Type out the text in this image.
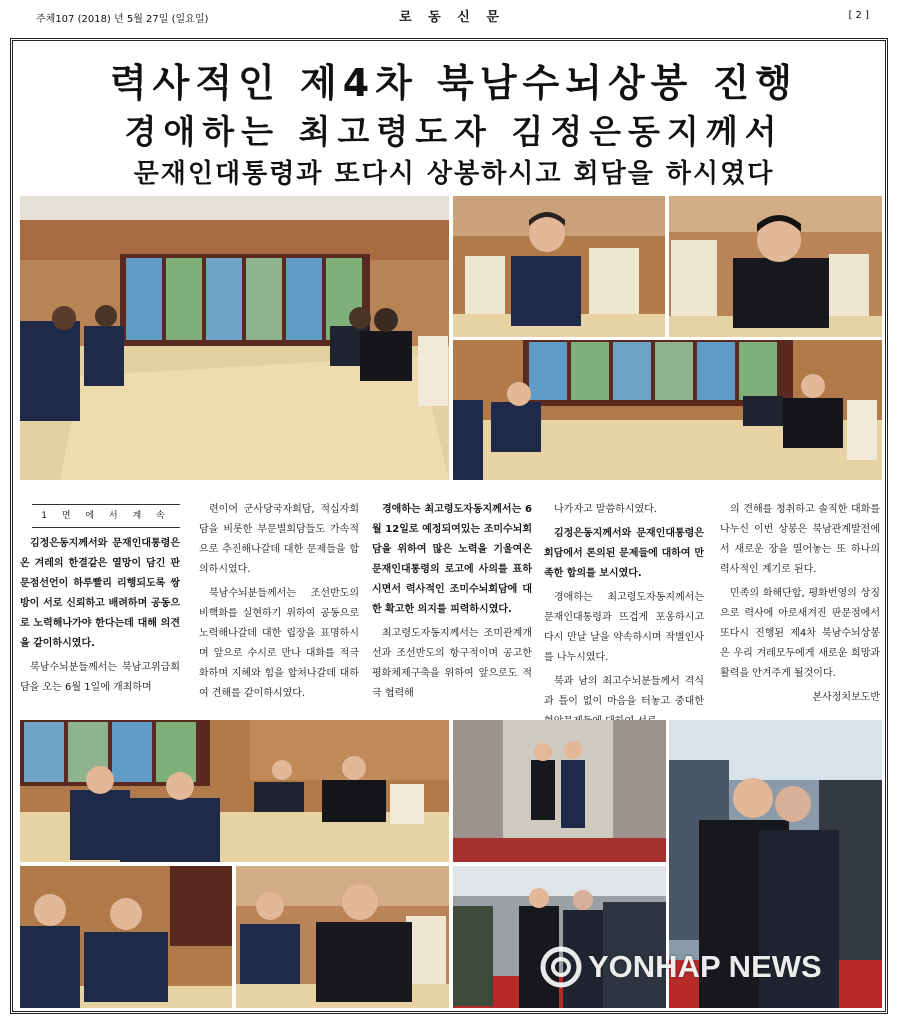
주체107 (2018) 년 5월 27일 (일요일)	로 동 신 문	[ 2 ]
력사적인 제4차 북남수뇌상봉 진행
경애하는 최고령도자 김정은동지께서
문재인대통령과 또다시 상봉하시고 회담을 하시였다
1 면 에 서 계 속

김정은동지께서와 문재인대통령은 온 겨레의 한결같은 열망이 담긴 판문점선언이 하루빨리 리행되도록 쌍방이 서로 신뢰하고 배려하며 공동으로 노력해나가야 한다는데 대해 의견을 같이하시였다.

북남수뇌분들께서는 북남고위급회담을 오는 6월 1일에 개최하며

련이어 군사당국자회담, 적십자회담을 비롯한 부문별회담들도 가속적으로 추진해나갈데 대한 문제들을 합의하시였다.

북남수뇌분들께서는 조선반도의 비핵화를 실현하기 위하여 공동으로 노력해나갈데 대한 립장을 표명하시며 앞으로 수시로 만나 대화를 적극화하며 지혜와 힘을 합쳐나갈데 대하여 견해를 같이하시였다.

경애하는 최고령도자동지께서는 6월 12일로 예정되여있는 조미수뇌회담을 위하여 많은 노력을 기울여온 문재인대통령의 로고에 사의를 표하시면서 력사적인 조미수뇌회담에 대한 확고한 의지를 피력하시였다.

최고령도자동지께서는 조미관계개선과 조선반도의 항구적이며 공고한 평화체제구축을 위하여 앞으로도 적극 협력해

나가자고 말씀하시였다.

김정은동지께서와 문재인대통령은 회담에서 론의된 문제들에 대하여 만족한 합의를 보시였다.

경애하는 최고령도자동지께서는 문재인대통령과 뜨겁게 포옹하시고 다시 만날 날을 약속하시며 작별인사를 나누시였다.

북과 남의 최고수뇌분들께서 격식과 틀이 없이 마음을 터놓고 중대한

의 견해를 청취하고 솔직한 대화를 나누신 이번 상봉은 북남관계발전에서 새로운 장을 열어놓는 또 하나의 력사적인 계기로 된다.

민족의 화해단합, 평화번영의 상징으로 력사에 아로새겨진 판문점에서 또다시 진행된 제4차 북남수뇌상봉은 우리 겨레모두에게 새로운 희망과 활력을 안겨주게 될것이다.

본사정치보도반

YONHAP NEWS
